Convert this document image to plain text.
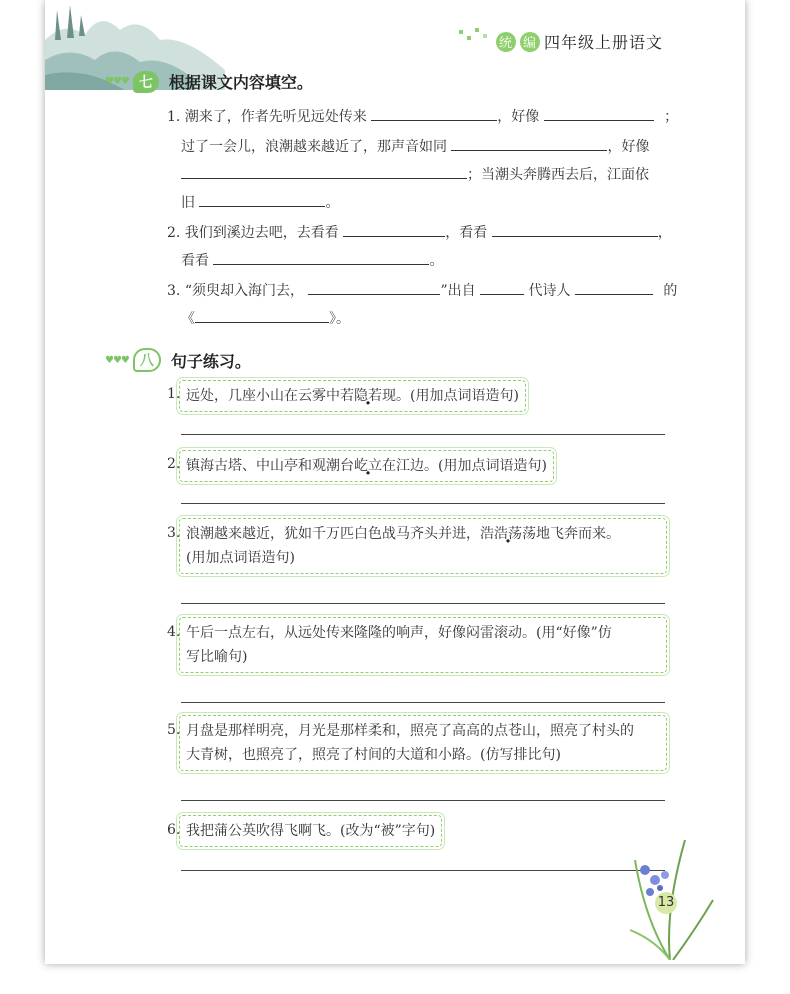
统 编 四年级上册语文
♥♥♥ 七	根据课文内容填空。
1. 潮来了，作者先听见远处传来	，好像	；
过了一会儿，浪潮越来越近了，那声音如同	，好像
；当潮头奔腾西去后，江面依
旧	。
2. 我们到溪边去吧，去看看	，看看	，
看看	。
3. “须臾却入海门去，	”出自	代诗人	的
《	》。
♥♥♥ 八	句子练习。
1. 远处，几座小山在云雾中若隐若现。(用加点词语造句)
2. 镇海古塔、中山亭和观潮台屹立在江边。(用加点词语造句)
3. 浪潮越来越近，犹如千万匹白色战马齐头并进，浩浩荡荡地飞奔而来。
(用加点词语造句)
4. 午后一点左右，从远处传来隆隆的响声，好像闷雷滚动。(用“好像”仿
写比喻句)
5. 月盘是那样明亮，月光是那样柔和，照亮了高高的点苍山，照亮了村头的
大青树，也照亮了，照亮了村间的大道和小路。(仿写排比句)
6. 我把蒲公英吹得飞啊飞。(改为“被”字句)
13
